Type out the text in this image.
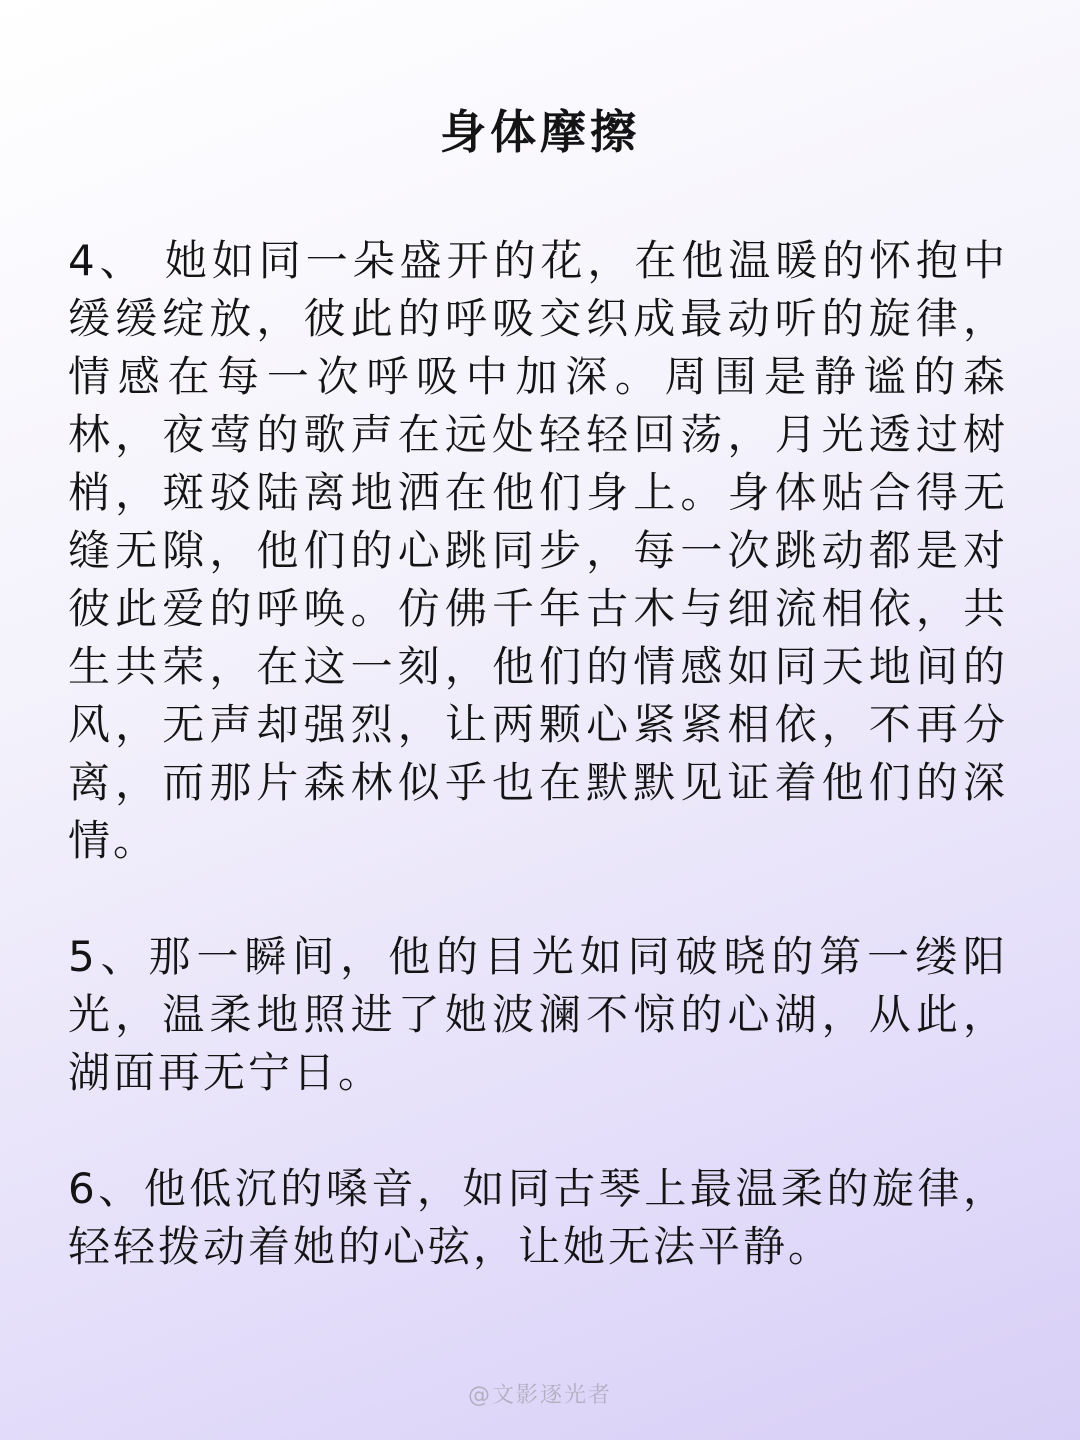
身体摩擦

4、 她如同一朵盛开的花，在他温暖的怀抱中缓缓绽放，彼此的呼吸交织成最动听的旋律，情感在每一次呼吸中加深。周围是静谧的森林，夜莺的歌声在远处轻轻回荡，月光透过树梢，斑驳陆离地洒在他们身上。身体贴合得无缝无隙，他们的心跳同步，每一次跳动都是对彼此爱的呼唤。仿佛千年古木与细流相依，共生共荣，在这一刻，他们的情感如同天地间的风，无声却强烈，让两颗心紧紧相依，不再分离，而那片森林似乎也在默默见证着他们的深情。

5、那一瞬间，他的目光如同破晓的第一缕阳光，温柔地照进了她波澜不惊的心湖，从此，湖面再无宁日。

6、他低沉的嗓音，如同古琴上最温柔的旋律，轻轻拨动着她的心弦，让她无法平静。

@文影逐光者
